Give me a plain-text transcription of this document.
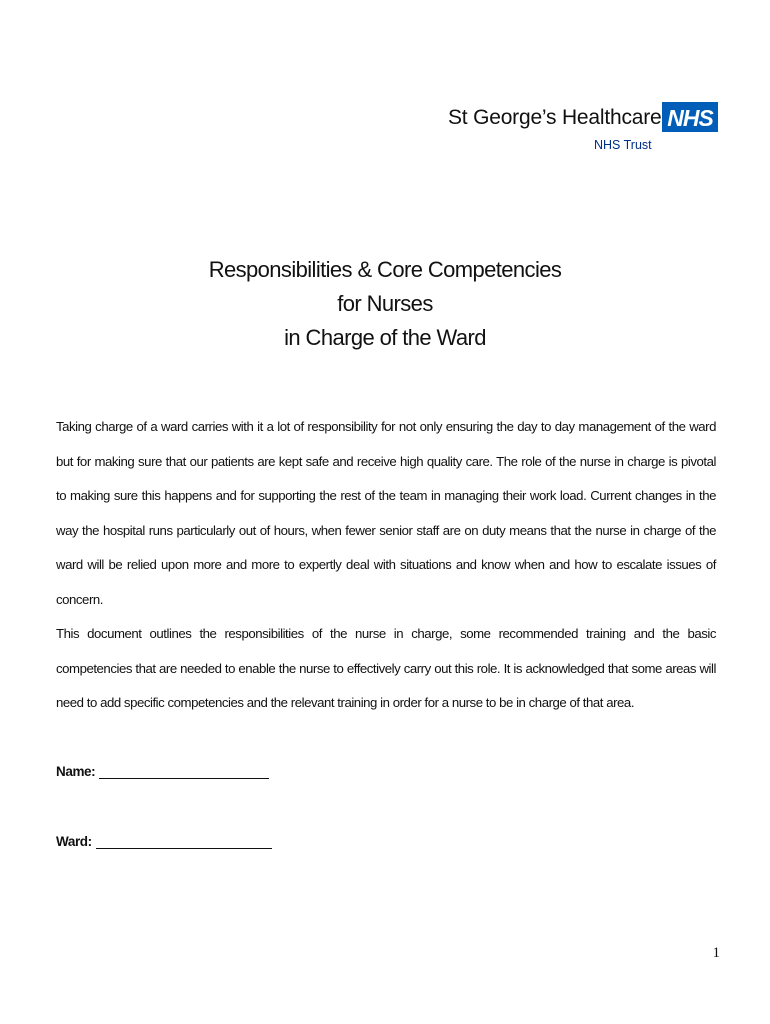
St George’s Healthcare NHS
NHS Trust
Responsibilities & Core Competencies
for Nurses
in Charge of the Ward

Taking charge of a ward carries with it a lot of responsibility for not only ensuring the day to day management of the ward but for making sure that our patients are kept safe and receive high quality care. The role of the nurse in charge is pivotal to making sure this happens and for supporting the rest of the team in managing their work load. Current changes in the way the hospital runs particularly out of hours, when fewer senior staff are on duty means that the nurse in charge of the ward will be relied upon more and more to expertly deal with situations and know when and how to escalate issues of concern.

This document outlines the responsibilities of the nurse in charge, some recommended training and the basic competencies that are needed to enable the nurse to effectively carry out this role. It is acknowledged that some areas will need to add specific competencies and the relevant training in order for a nurse to be in charge of that area.

Name:
Ward:
1
